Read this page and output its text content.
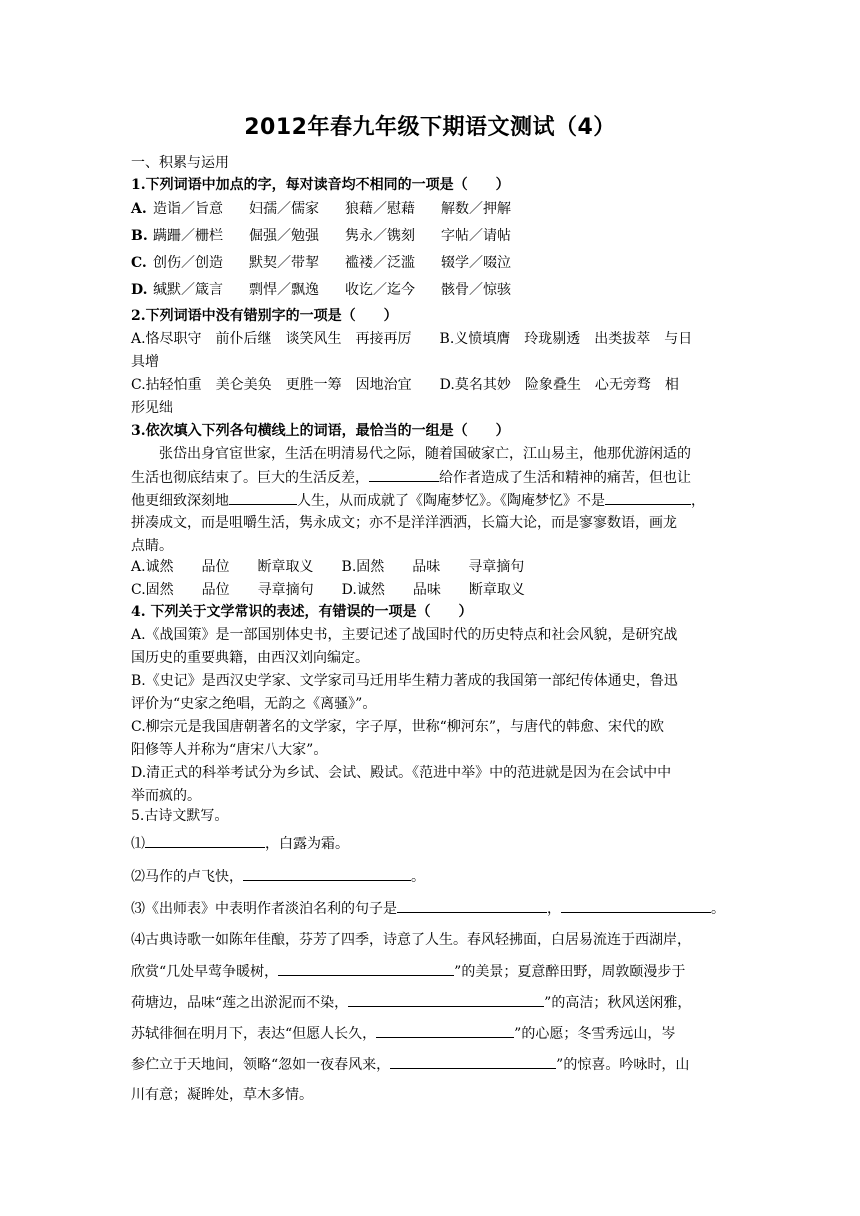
2012年春九年级下期语文测试（4）
一、积累与运用
1.下列词语中加点的字，每对读音均不相同的一项是（　　）
A. 造诣／旨意 妇孺／儒家 狼藉／慰藉 解数／押解
B. 蹒跚／栅栏 倔强／勉强 隽永／镌刻 字帖／请帖
C. 创伤／创造 默契／带挈 褴褛／泛滥 辍学／啜泣
D. 缄默／箴言 剽悍／飘逸 收讫／迄今 骸骨／惊骇
2.下列词语中没有错别字的一项是（　　）
A.恪尽职守　前仆后继　谈笑风生　再接再厉　　B.义愤填膺　玲珑剔透　出类拔萃　与日
具增
C.拈轻怕重　美仑美奂　更胜一筹　因地治宜　　D.莫名其妙　险象叠生　心无旁骛　相
形见绌
3.依次填入下列各句横线上的词语，最恰当的一组是（　　）
　　张岱出身官宦世家，生活在明清易代之际，随着国破家亡，江山易主，他那优游闲适的
生活也彻底结束了。巨大的生活反差，	给作者造成了生活和精神的痛苦，但也让
他更细致深刻地	人生，从而成就了《陶庵梦忆》。《陶庵梦忆》不是	，
拼凑成文，而是咀嚼生活，隽永成文；亦不是洋洋洒洒，长篇大论，而是寥寥数语，画龙
点睛。
A.诚然　　品位　　断章取义　　B.固然　　品味　　寻章摘句
C.固然　　品位　　寻章摘句　　D.诚然　　品味　　断章取义
4. 下列关于文学常识的表述，有错误的一项是（　　）
A.《战国策》是一部国别体史书，主要记述了战国时代的历史特点和社会风貌，是研究战
国历史的重要典籍，由西汉刘向编定。
B.《史记》是西汉史学家、文学家司马迁用毕生精力著成的我国第一部纪传体通史，鲁迅
评价为“史家之绝唱，无韵之《离骚》”。
C.柳宗元是我国唐朝著名的文学家，字子厚，世称“柳河东”，与唐代的韩愈、宋代的欧
阳修等人并称为“唐宋八大家”。
D.清正式的科举考试分为乡试、会试、殿试。《范进中举》中的范进就是因为在会试中中
举而疯的。
5.古诗文默写。
⑴	，白露为霜。
⑵马作的卢飞快，	。
⑶《出师表》中表明作者淡泊名利的句子是	，	。
⑷古典诗歌一如陈年佳酿，芬芳了四季，诗意了人生。春风轻拂面，白居易流连于西湖岸，
欣赏“几处早莺争暖树，	”的美景；夏意醉田野，周敦颐漫步于
荷塘边，品味“莲之出淤泥而不染，	”的高洁；秋风送闲雅，
苏轼徘徊在明月下，表达“但愿人长久，	”的心愿；冬雪秀远山，岑
参伫立于天地间，领略“忽如一夜春风来，	”的惊喜。吟咏时，山
川有意；凝眸处，草木多情。
